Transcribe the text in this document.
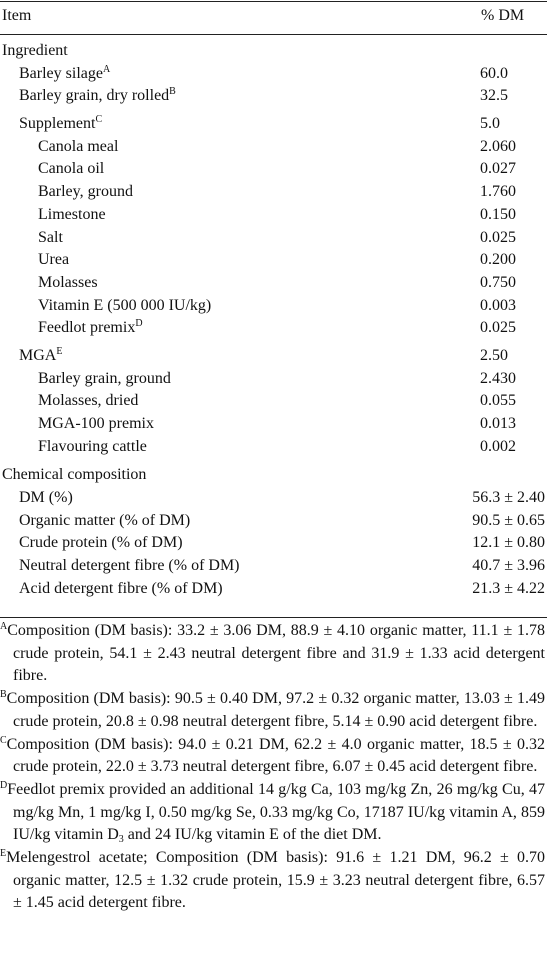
Item	% DM
Ingredient
Barley silage$^A$	60.0
Barley grain, dry rolled$^B$	32.5
Supplement$^C$	5.0
Canola meal	2.060
Canola oil	0.027
Barley, ground	1.760
Limestone	0.150
Salt	0.025
Urea	0.200
Molasses	0.750
Vitamin E (500 000 IU/kg)	0.003
Feedlot premix$^D$	0.025
$MGA^E$	2.50
Barley grain, ground	2.430
Molasses, dried	0.055
MGA-100 premix	0.013
Flavouring cattle	0.002
Chemical composition
DM (%)	56.3 ± 2.40
Organic matter (% of DM)	90.5 ± 0.65
Crude protein (% of DM)	12.1 ± 0.80
Neutral detergent fibre (% of DM)	40.7 ± 3.96
Acid detergent fibre (% of DM)	21.3 ± 4.22

$^A$Composition (DM basis): 33.2 ± 3.06 DM, 88.9 ± 4.10 organic matter, 11.1 ± 1.78 crude protein, 54.1 ± 2.43 neutral detergent fibre and 31.9 ± 1.33 acid detergent fibre.

$^B$Composition (DM basis): 90.5 ± 0.40 DM, 97.2 ± 0.32 organic matter, 13.03 ± 1.49 crude protein, 20.8 ± 0.98 neutral detergent fibre, 5.14 ± 0.90 acid detergent fibre.

$^C$Composition (DM basis): 94.0 ± 0.21 DM, 62.2 ± 4.0 organic matter, 18.5 ± 0.32 crude protein, 22.0 ± 3.73 neutral detergent fibre, 6.07 ± 0.45 acid detergent fibre.

$^D$Feedlot premix provided an additional 14 g/kg Ca, 103 mg/kg Zn, 26 mg/kg Cu, 47 mg/kg Mn, 1 mg/kg I, 0.50 mg/kg Se, 0.33 mg/kg Co, 17187 IU/kg vitamin A, 859 IU/kg vitamin $D_3$ and 24 IU/kg vitamin E of the diet DM.

$^E$Melengestrol acetate; Composition (DM basis): 91.6 ± 1.21 DM, 96.2 ± 0.70 organic matter, 12.5 ± 1.32 crude protein, 15.9 ± 3.23 neutral detergent fibre, 6.57 ± 1.45 acid detergent fibre.
